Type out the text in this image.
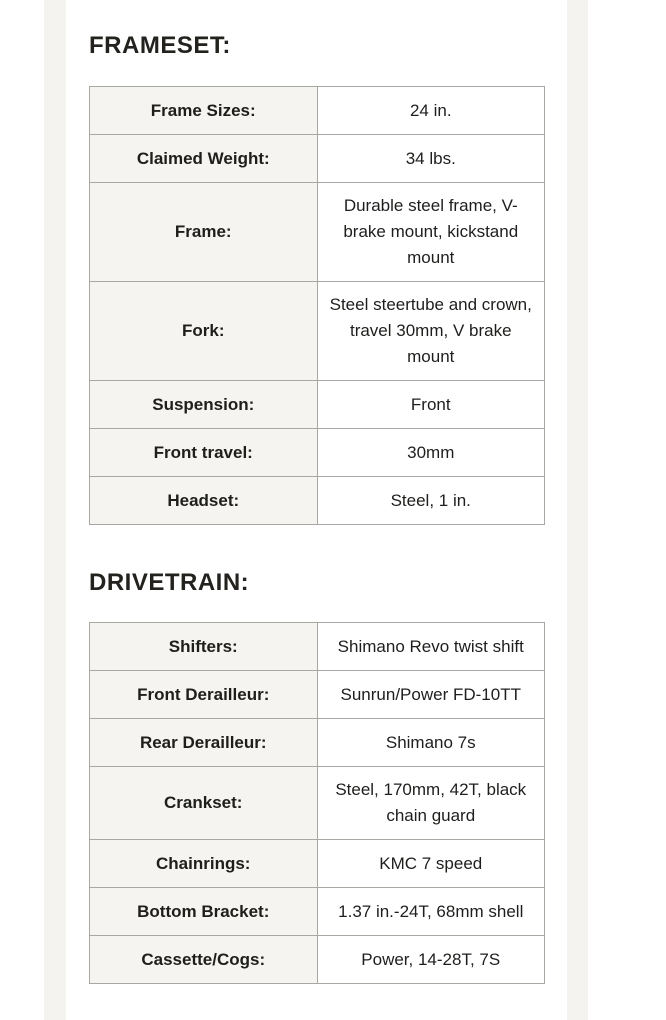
FRAMESET:
Frame Sizes:	24 in.
Claimed Weight:	34 lbs.
Frame:	Durable steel frame, V-brake mount, kickstand mount
Fork:	Steel steertube and crown, travel 30mm, V brake mount
Suspension:	Front
Front travel:	30mm
Headset:	Steel, 1 in.
DRIVETRAIN:
Shifters:	Shimano Revo twist shift
Front Derailleur:	Sunrun/Power FD-10TT
Rear Derailleur:	Shimano 7s
Crankset:	Steel, 170mm, 42T, black chain guard
Chainrings:	KMC 7 speed
Bottom Bracket:	1.37 in.-24T, 68mm shell
Cassette/Cogs:	Power, 14-28T, 7S
